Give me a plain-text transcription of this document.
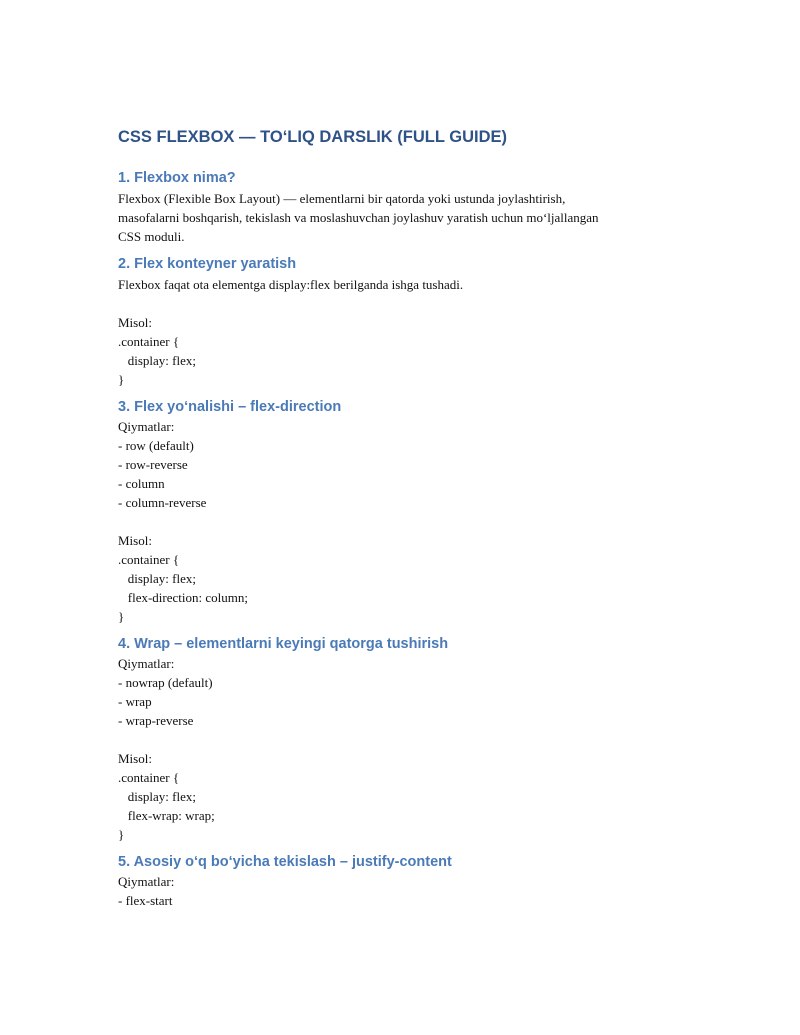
CSS FLEXBOX — TO‘LIQ DARSLIK (FULL GUIDE)
1. Flexbox nima?
Flexbox (Flexible Box Layout) — elementlarni bir qatorda yoki ustunda joylashtirish,
masofalarni boshqarish, tekislash va moslashuvchan joylashuv yaratish uchun mo‘ljallangan
CSS moduli.
2. Flex konteyner yaratish
Flexbox faqat ota elementga display:flex berilganda ishga tushadi.
Misol:
.container {
display: flex;
}
3. Flex yo‘nalishi – flex-direction
Qiymatlar:
- row (default)
- row-reverse
- column
- column-reverse
Misol:
.container {
display: flex;
flex-direction: column;
}
4. Wrap – elementlarni keyingi qatorga tushirish
Qiymatlar:
- nowrap (default)
- wrap
- wrap-reverse
Misol:
.container {
display: flex;
flex-wrap: wrap;
}
5. Asosiy o‘q bo‘yicha tekislash – justify-content
Qiymatlar:
- flex-start
